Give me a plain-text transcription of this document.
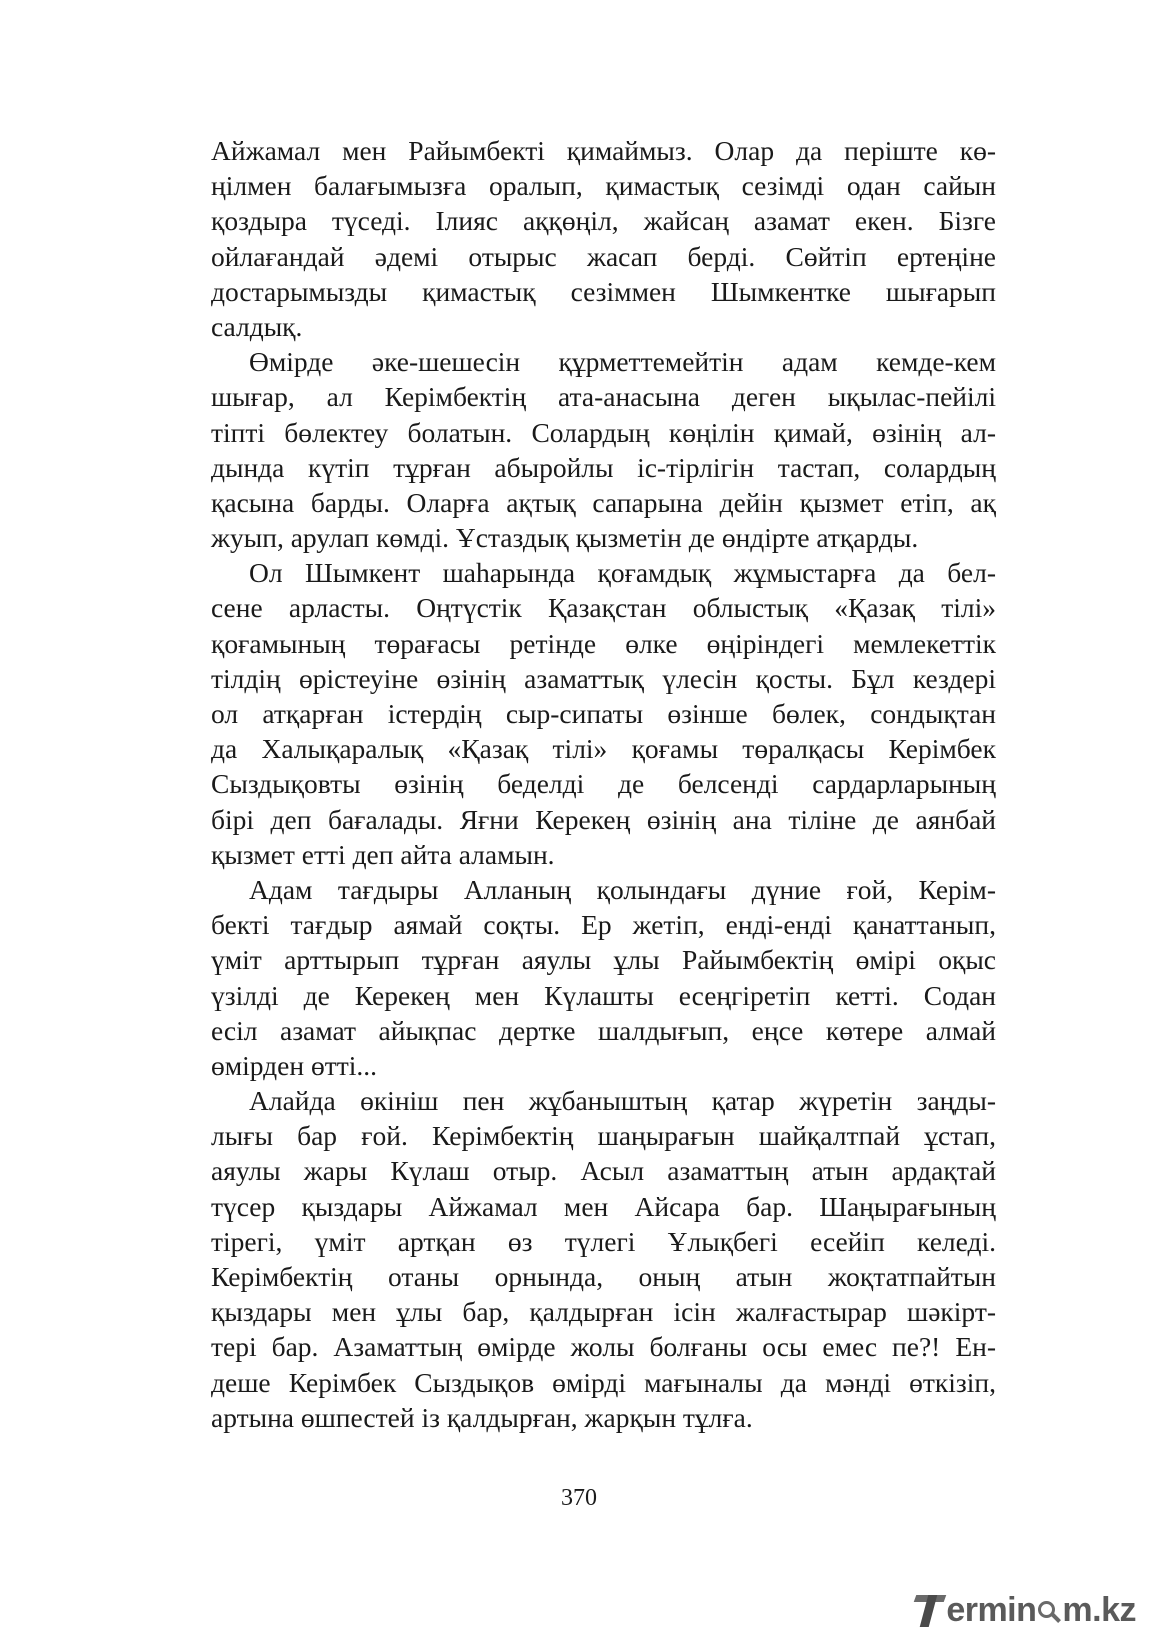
Айжамал мен Райымбекті қимаймыз. Олар да періште кө-
ңілмен балағымызға оралып, қимастық сезімді одан сайын
қоздыра түседі. Ілияс аққөңіл, жайсаң азамат екен. Бізге
ойлағандай әдемі отырыс жасап берді. Сөйтіп ертеңіне
достарымызды қимастық сезіммен Шымкентке шығарып
салдық.
Өмірде әке-шешесін құрметтемейтін адам кемде-кем
шығар, ал Керімбектің ата-анасына деген ықылас-пейілі
тіпті бөлектеу болатын. Солардың көңілін қимай, өзінің ал-
дында күтіп тұрған абыройлы іс-тірлігін тастап, солардың
қасына барды. Оларға ақтық сапарына дейін қызмет етіп, ақ
жуып, арулап көмді. Ұстаздық қызметін де өндірте атқарды.
Ол Шымкент шаһарында қоғамдық жұмыстарға да бел-
сене арласты. Оңтүстік Қазақстан облыстық «Қазақ тілі»
қоғамының төрағасы ретінде өлке өңіріндегі мемлекеттік
тілдің өрістеуіне өзінің азаматтық үлесін қосты. Бұл кездері
ол атқарған істердің сыр-сипаты өзінше бөлек, сондықтан
да Халықаралық «Қазақ тілі» қоғамы төралқасы Керімбек
Сыздықовты өзінің беделді де белсенді сардарларының
бірі деп бағалады. Яғни Керекең өзінің ана тіліне де аянбай
қызмет етті деп айта аламын.
Адам тағдыры Алланың қолындағы дүние ғой, Керім-
бекті тағдыр аямай соқты. Ер жетіп, енді-енді қанаттанып,
үміт арттырып тұрған аяулы ұлы Райымбектің өмірі оқыс
үзілді де Керекең мен Күлашты есеңгіретіп кетті. Содан
есіл азамат айықпас дертке шалдығып, еңсе көтере алмай
өмірден өтті...
Алайда өкініш пен жұбаныштың қатар жүретін заңды-
лығы бар ғой. Керімбектің шаңырағын шайқалтпай ұстап,
аяулы жары Күлаш отыр. Асыл азаматтың атын ардақтай
түсер қыздары Айжамал мен Айсара бар. Шаңырағының
тірегі, үміт артқан өз түлегі Ұлықбегі есейіп келеді.
Керімбектің отаны орнында, оның атын жоқтатпайтын
қыздары мен ұлы бар, қалдырған ісін жалғастырар шәкірт-
тері бар. Азаматтың өмірде жолы болғаны осы емес пе?! Ен-
деше Керімбек Сыздықов өмірді мағыналы да мәнді өткізіп,
артына өшпестей із қалдырған, жарқын тұлға.
370
ermin m.kz
